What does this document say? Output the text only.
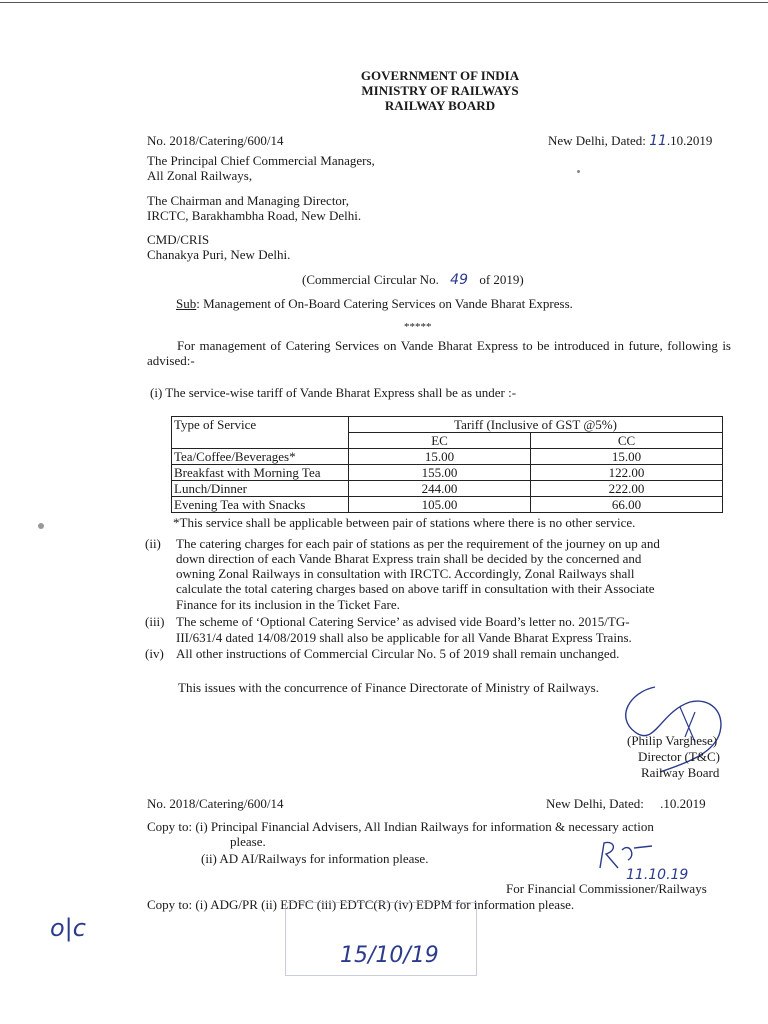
GOVERNMENT OF INDIA
MINISTRY OF RAILWAYS
RAILWAY BOARD
No. 2018/Catering/600/14	New Delhi, Dated: 11.10.2019
The Principal Chief Commercial Managers,
All Zonal Railways,
The Chairman and Managing Director,
IRCTC, Barakhambha Road, New Delhi.
CMD/CRIS
Chanakya Puri, New Delhi.
(Commercial Circular No. 49 of 2019)
Sub: Management of On-Board Catering Services on Vande Bharat Express.
*****
For management of Catering Services on Vande Bharat Express to be introduced in future, following is advised:-
(i) The service-wise tariff of Vande Bharat Express shall be as under :-
Type of Service	Tariff (Inclusive of GST @5%)	
	EC	CC
Tea/Coffee/Beverages*	15.00	15.00
Breakfast with Morning Tea	155.00	122.00
Lunch/Dinner	244.00	222.00
Evening Tea with Snacks	105.00	66.00
*This service shall be applicable between pair of stations where there is no other service.
(ii) The catering charges for each pair of stations as per the requirement of the journey on up and
down direction of each Vande Bharat Express train shall be decided by the concerned and
owning Zonal Railways in consultation with IRCTC. Accordingly, Zonal Railways shall
calculate the total catering charges based on above tariff in consultation with their Associate
Finance for its inclusion in the Ticket Fare.
(iii) The scheme of ‘Optional Catering Service’ as advised vide Board’s letter no. 2015/TG-
III/631/4 dated 14/08/2019 shall also be applicable for all Vande Bharat Express Trains.
(iv) All other instructions of Commercial Circular No. 5 of 2019 shall remain unchanged.
This issues with the concurrence of Finance Directorate of Ministry of Railways.
(Philip Varghese)
Director (T&C)
Railway Board
No. 2018/Catering/600/14	New Delhi, Dated:     .10.2019
Copy to: (i) Principal Financial Advisers, All Indian Railways for information & necessary action
please.
(ii) AD AI/Railways for information please.
11.10.19
For Financial Commissioner/Railways
Copy to: (i) ADG/PR (ii) EDFC (iii) EDTC(R) (iv) EDPM for information please.
o|c
15/10/19
